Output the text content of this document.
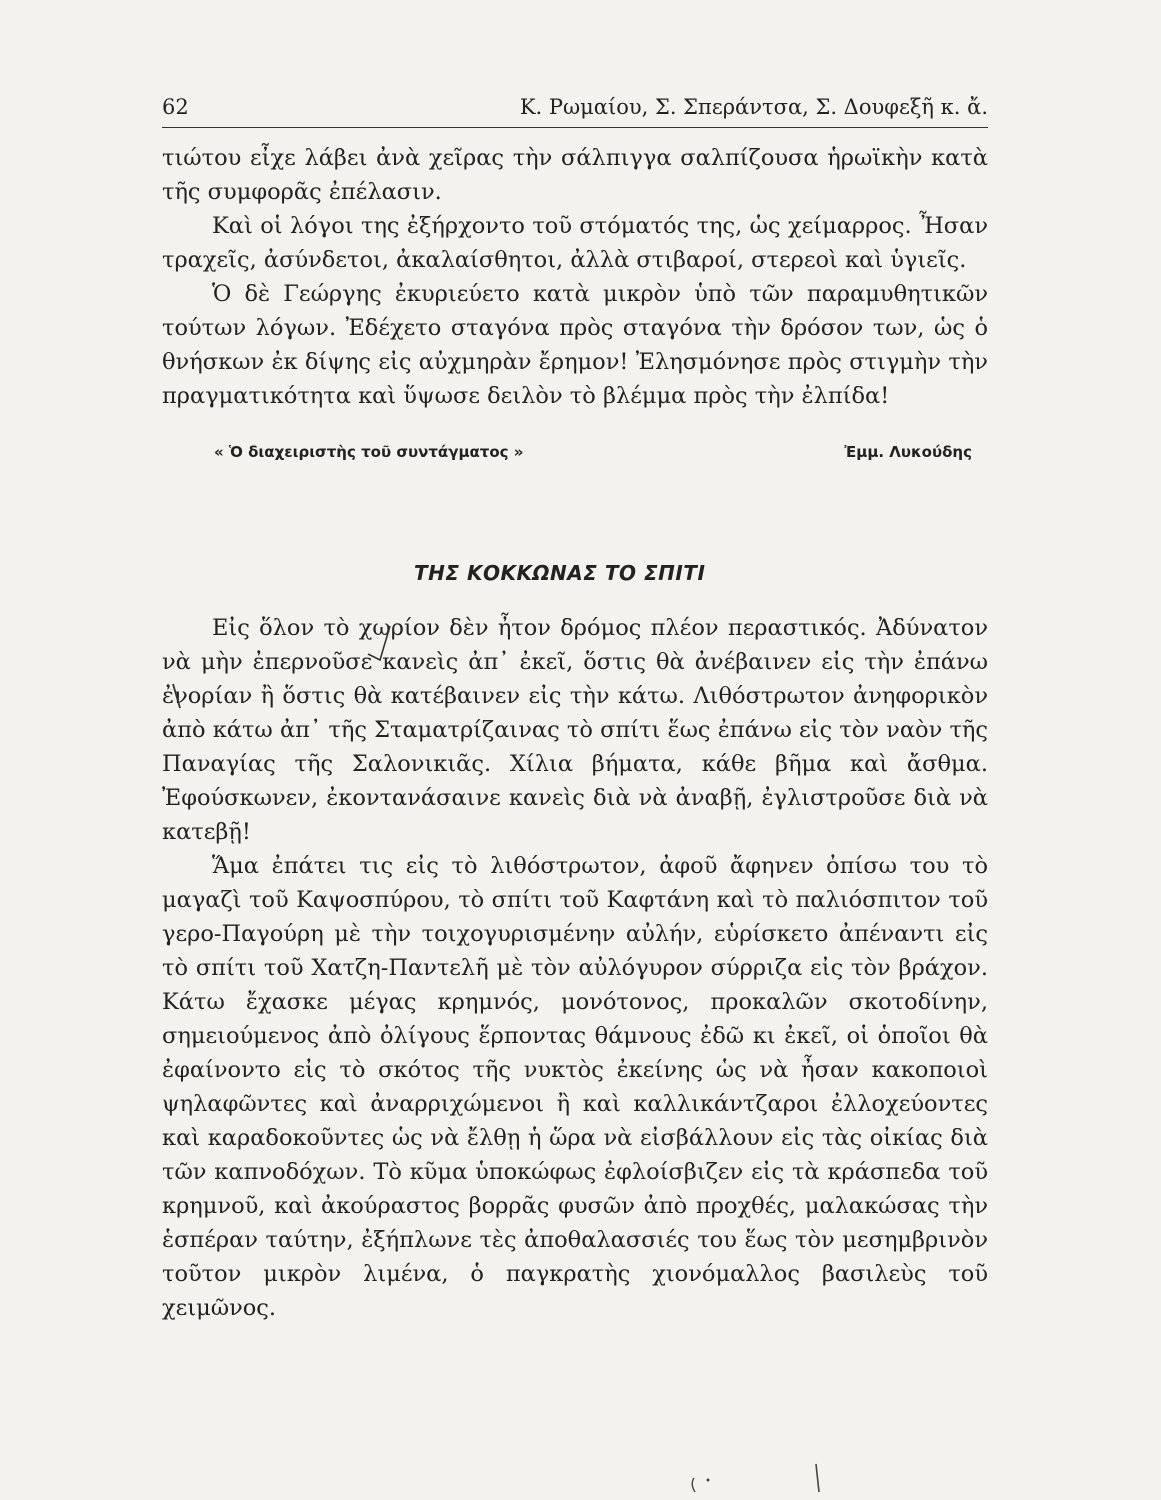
62	Κ. Ρωμαίου, Σ. Σπεράντσα, Σ. Δουφεξῆ κ. ἄ.

τιώτου εἶχε λάβει ἀνὰ χεῖρας τὴν σάλπιγγα σαλπίζουσα ἡρωϊκὴν κατὰ τῆς συμφορᾶς ἐπέλασιν.

Καὶ οἱ λόγοι της ἐξήρχοντο τοῦ στόματός της, ὡς χείμαρρος. Ἦσαν τραχεῖς, ἀσύνδετοι, ἀκαλαίσθητοι, ἀλλὰ στιβαροί, στερεοὶ καὶ ὑγιεῖς.

Ὁ δὲ Γεώργης ἐκυριεύετο κατὰ μικρὸν ὑπὸ τῶν παραμυθητικῶν τούτων λόγων. Ἐδέχετο σταγόνα πρὸς σταγόνα τὴν δρόσον των, ὡς ὁ θνήσκων ἐκ δίψης εἰς αὐχμηρὰν ἔρημον! Ἐλησμόνησε πρὸς στιγμὴν τὴν πραγματικότητα καὶ ὕψωσε δειλὸν τὸ βλέμμα πρὸς τὴν ἐλπίδα!

« Ὁ διαχειριστὴς τοῦ συντάγματος »	Ἐμμ. Λυκούδης
ΤΗΣ ΚΟΚΚΩΝΑΣ ΤΟ ΣΠΙΤΙ

Εἰς ὅλον τὸ χωρίον δὲν ἦτον δρόμος πλέον περαστικός. Ἀδύνατον νὰ μὴν ἐπερνοῦσε κανεὶς ἀπ᾽ ἐκεῖ, ὅστις θὰ ἀνέβαινεν εἰς τὴν ἐπάνω ἐνορίαν ἢ ὅστις θὰ κατέβαινεν εἰς τὴν κάτω. Λιθόστρωτον ἀνηφορικὸν ἀπὸ κάτω ἀπ᾽ τῆς Σταματρίζαινας τὸ σπίτι ἕως ἐπάνω εἰς τὸν ναὸν τῆς Παναγίας τῆς Σαλονικιᾶς. Χίλια βήματα, κάθε βῆμα καὶ ἄσθμα. Ἐφούσκωνεν, ἐκοντανάσαινε κανεὶς διὰ νὰ ἀναβῇ, ἐγλιστροῦσε διὰ νὰ κατεβῇ!

Ἅμα ἐπάτει τις εἰς τὸ λιθόστρωτον, ἀφοῦ ἄφηνεν ὀπίσω του τὸ μαγαζὶ τοῦ Καψοσπύρου, τὸ σπίτι τοῦ Καφτάνη καὶ τὸ παλιόσπιτον τοῦ γερο-Παγούρη μὲ τὴν τοιχογυρισμένην αὐλήν, εὑρίσκετο ἀπέναντι εἰς τὸ σπίτι τοῦ Χατζη-Παντελῆ μὲ τὸν αὐλόγυρον σύρριζα εἰς τὸν βράχον. Κάτω ἔχασκε μέγας κρημνός, μονότονος, προκαλῶν σκοτοδίνην, σημειούμενος ἀπὸ ὀλίγους ἕρποντας θάμνους ἐδῶ κι ἐκεῖ, οἱ ὁποῖοι θὰ ἐφαίνοντο εἰς τὸ σκότος τῆς νυκτὸς ἐκείνης ὡς νὰ ἦσαν κακοποιοὶ ψηλαφῶντες καὶ ἀναρριχώμενοι ἢ καὶ καλλικάντζαροι ἐλλοχεύοντες καὶ καραδοκοῦντες ὡς νὰ ἔλθῃ ἡ ὥρα νὰ εἰσβάλλουν εἰς τὰς οἰκίας διὰ τῶν καπνοδόχων. Τὸ κῦμα ὑποκώφως ἐφλοίσβιζεν εἰς τὰ κράσπεδα τοῦ κρημνοῦ, καὶ ἀκούραστος βορρᾶς φυσῶν ἀπὸ προχθές, μαλακώσας τὴν ἑσπέραν ταύτην, ἐξήπλωνε τὲς ἀποθαλασσιές του ἕως τὸν μεσημβρινὸν τοῦτον μικρὸν λιμένα, ὁ παγκρατὴς χιονόμαλλος βασιλεὺς τοῦ χειμῶνος.
